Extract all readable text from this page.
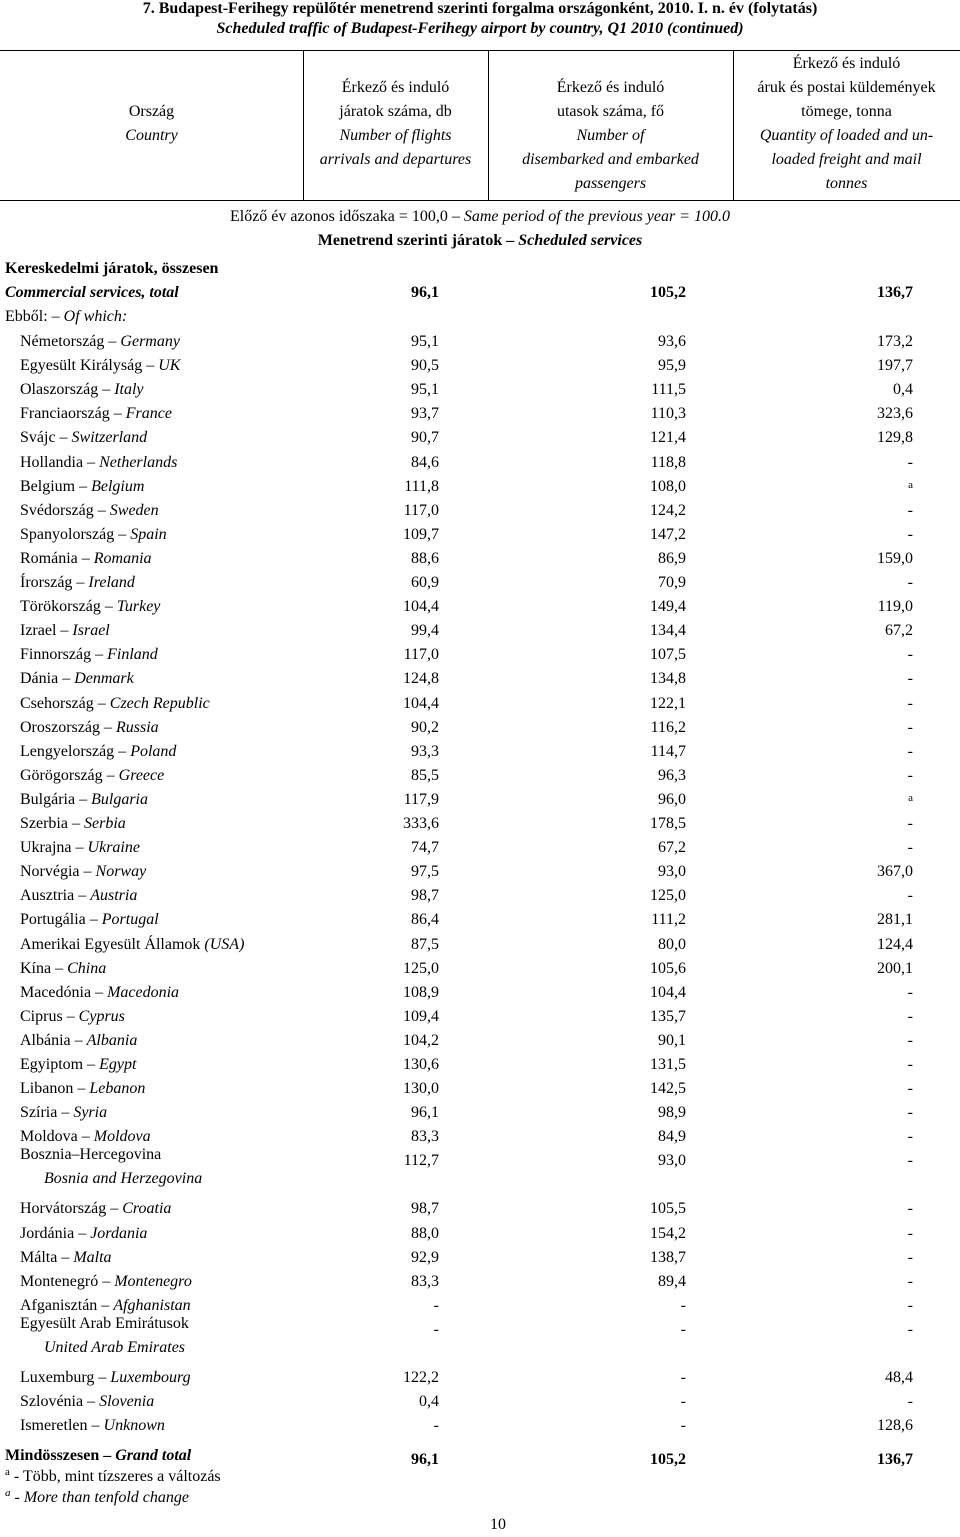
7. Budapest-Ferihegy repülőtér menetrend szerinti forgalma országonként, 2010. I. n. év (folytatás)
Scheduled traffic of Budapest-Ferihegy airport by country, Q1 2010 (continued)
Ország
Country
Érkező és induló
járatok száma, db
Number of flights
arrivals and departures
Érkező és induló
utasok száma, fő
Number of
disembarked and embarked
passengers
Érkező és induló
áruk és postai küldemények
tömege, tonna
Quantity of loaded and un-
loaded freight and mail
tonnes
Előző év azonos időszaka = 100,0 – Same period of the previous year = 100.0
Menetrend szerinti járatok – Scheduled services
Kereskedelmi járatok, összesen
Commercial services, total	96,1	105,2	136,7
Ebből: – Of which:
Németország – Germany	95,1	93,6	173,2
Egyesült Királyság – UK	90,5	95,9	197,7
Olaszország – Italy	95,1	111,5	0,4
Franciaország – France	93,7	110,3	323,6
Svájc – Switzerland	90,7	121,4	129,8
Hollandia – Netherlands	84,6	118,8	-
Belgium – Belgium	111,8	108,0	a
Svédország – Sweden	117,0	124,2	-
Spanyolország – Spain	109,7	147,2	-
Románia – Romania	88,6	86,9	159,0
Írország – Ireland	60,9	70,9	-
Törökország – Turkey	104,4	149,4	119,0
Izrael – Israel	99,4	134,4	67,2
Finnország – Finland	117,0	107,5	-
Dánia – Denmark	124,8	134,8	-
Csehország – Czech Republic	104,4	122,1	-
Oroszország – Russia	90,2	116,2	-
Lengyelország – Poland	93,3	114,7	-
Görögország – Greece	85,5	96,3	-
Bulgária – Bulgaria	117,9	96,0	a
Szerbia – Serbia	333,6	178,5	-
Ukrajna – Ukraine	74,7	67,2	-
Norvégia – Norway	97,5	93,0	367,0
Ausztria – Austria	98,7	125,0	-
Portugália – Portugal	86,4	111,2	281,1
Amerikai Egyesült Államok (USA)	87,5	80,0	124,4
Kína – China	125,0	105,6	200,1
Macedónia – Macedonia	108,9	104,4	-
Ciprus – Cyprus	109,4	135,7	-
Albánia – Albania	104,2	90,1	-
Egyiptom – Egypt	130,6	131,5	-
Libanon – Lebanon	130,0	142,5	-
Szíria – Syria	96,1	98,9	-
Moldova – Moldova	83,3	84,9	-
Bosznia–Hercegovina
Bosnia and Herzegovina
112,7	93,0	-
Horvátország – Croatia	98,7	105,5	-
Jordánia – Jordania	88,0	154,2	-
Málta – Malta	92,9	138,7	-
Montenegró – Montenegro	83,3	89,4	-
Afganisztán – Afghanistan	-	-	-
Egyesült Arab Emirátusok
United Arab Emirates
-	-	-
Luxemburg – Luxembourg	122,2	-	48,4
Szlovénia – Slovenia	0,4	-	-
Ismeretlen – Unknown	-	-	128,6
Mindösszesen – Grand total	96,1	105,2	136,7
$^a$ - Több, mint tízszeres a változás
$^a$ - More than tenfold change
10
